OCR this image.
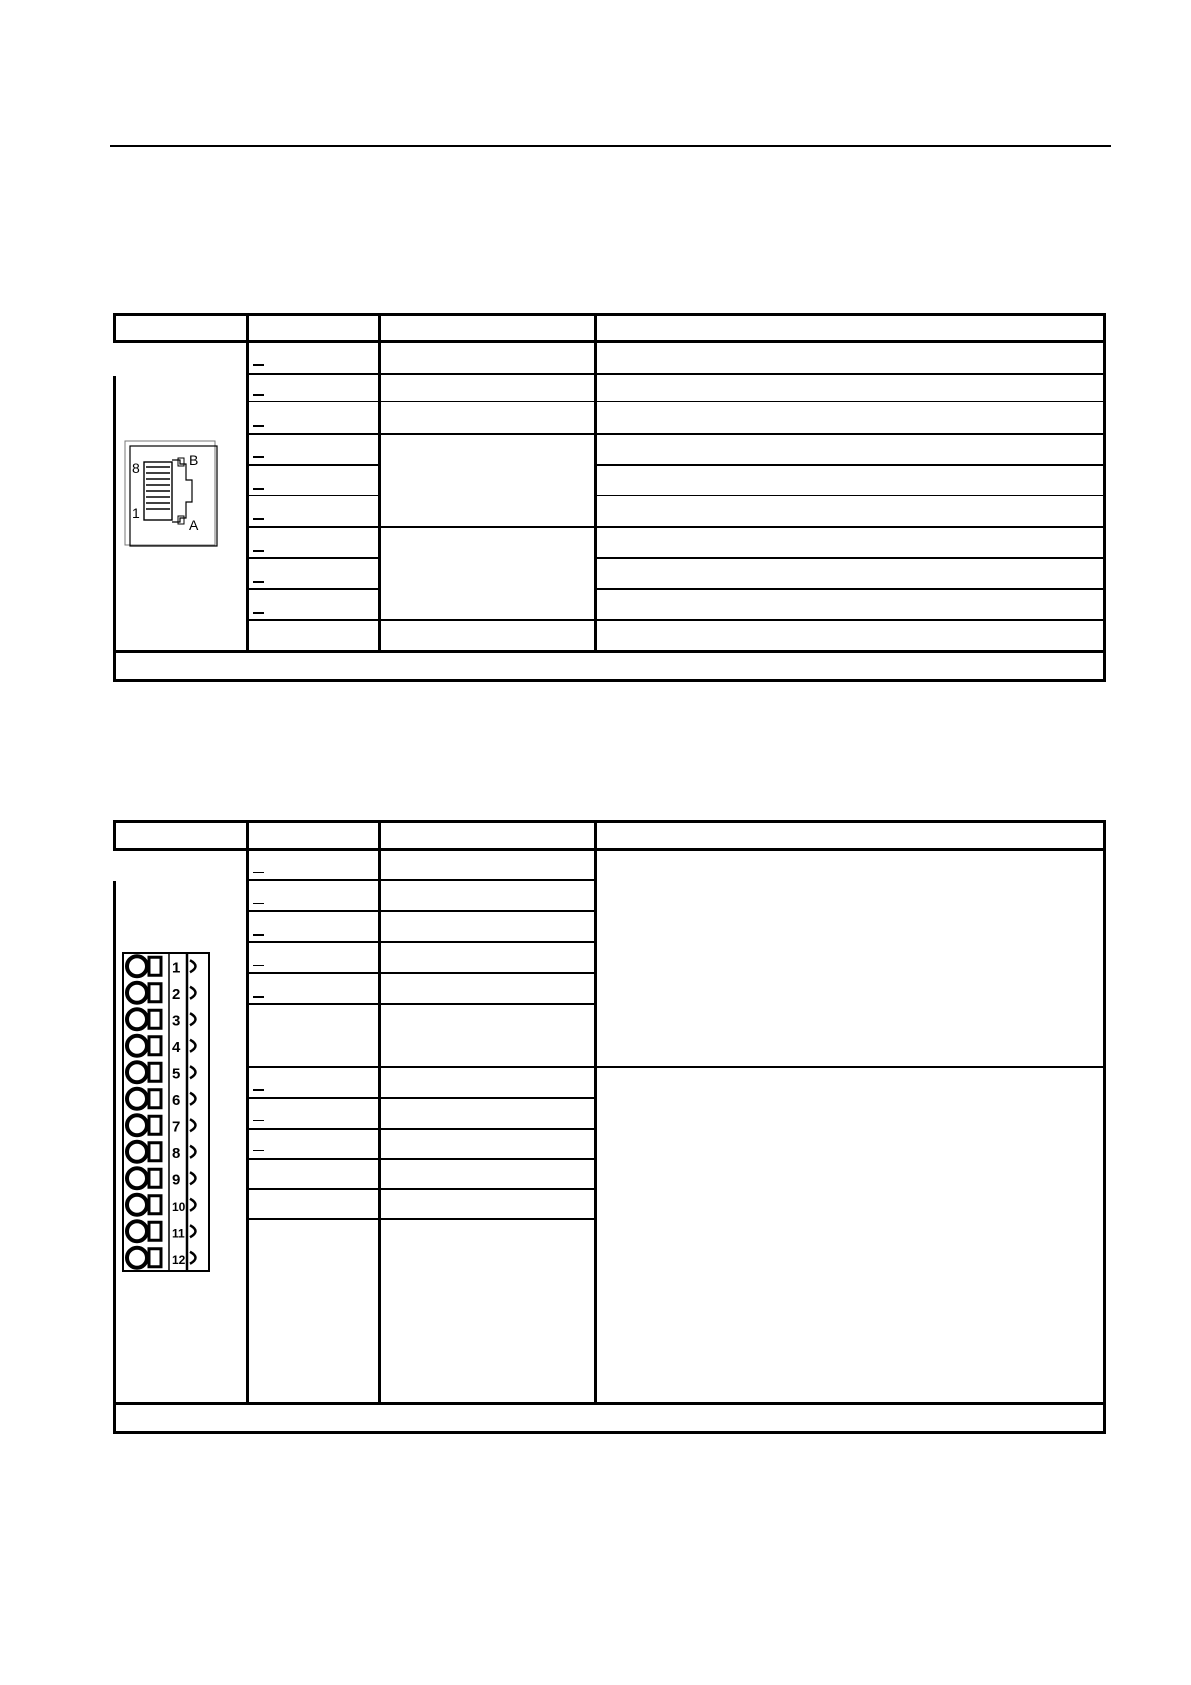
8
1
B
A
1
2
3
4
5
6
7
8
9
10
11
12
